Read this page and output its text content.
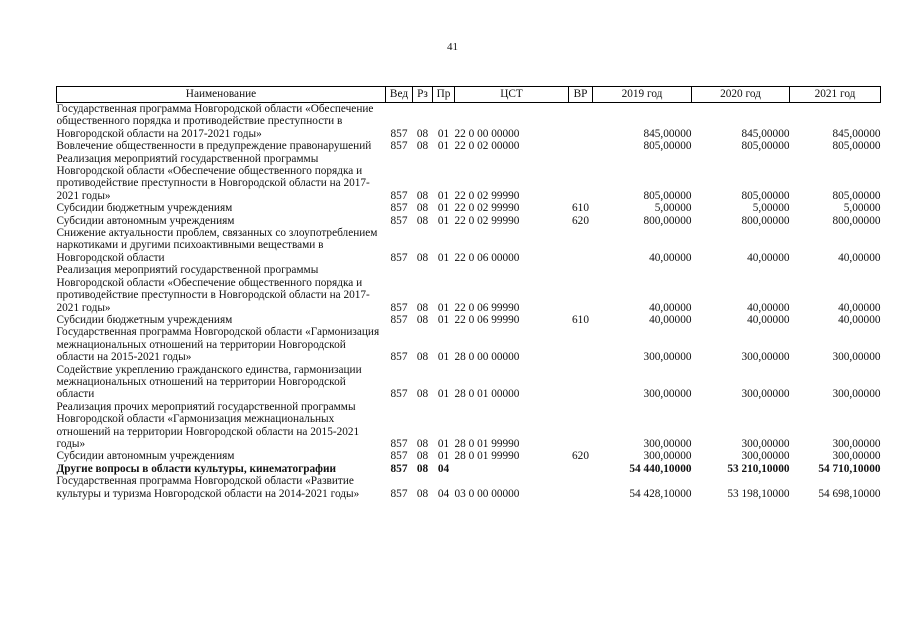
41
Наименование	Вед	Рз	Пр	ЦСТ	ВР	2019 год	2020 год	2021 год
Государственная программа Новгородской области «Обеспечение общественного порядка и противодействие преступности в Новгородской области на 2017-2021 годы»	857	08	01	22 0 00 00000		845,00000	845,00000	845,00000
Вовлечение общественности в предупреждение правонарушений	857	08	01	22 0 02 00000		805,00000	805,00000	805,00000
Реализация мероприятий государственной программы Новгородской области «Обеспечение общественного порядка и противодействие преступности в Новгородской области на 2017-2021 годы»	857	08	01	22 0 02 99990		805,00000	805,00000	805,00000
Субсидии бюджетным учреждениям	857	08	01	22 0 02 99990	610	5,00000	5,00000	5,00000
Субсидии автономным учреждениям	857	08	01	22 0 02 99990	620	800,00000	800,00000	800,00000
Снижение актуальности проблем, связанных со злоупотреблением наркотиками и другими психоактивными веществами в Новгородской области	857	08	01	22 0 06 00000		40,00000	40,00000	40,00000
Реализация мероприятий государственной программы Новгородской области «Обеспечение общественного порядка и противодействие преступности в Новгородской области на 2017-2021 годы»	857	08	01	22 0 06 99990		40,00000	40,00000	40,00000
Субсидии бюджетным учреждениям	857	08	01	22 0 06 99990	610	40,00000	40,00000	40,00000
Государственная программа Новгородской области «Гармонизация межнациональных отношений на территории Новгородской области на 2015-2021 годы»	857	08	01	28 0 00 00000		300,00000	300,00000	300,00000
Содействие укреплению гражданского единства, гармонизации межнациональных отношений на территории Новгородской области	857	08	01	28 0 01 00000		300,00000	300,00000	300,00000
Реализация прочих мероприятий государственной программы Новгородской области «Гармонизация межнациональных отношений на территории Новгородской области на 2015-2021 годы»	857	08	01	28 0 01 99990		300,00000	300,00000	300,00000
Субсидии автономным учреждениям	857	08	01	28 0 01 99990	620	300,00000	300,00000	300,00000
Другие вопросы в области культуры, кинематографии	857	08	04			54 440,10000	53 210,10000	54 710,10000
Государственная программа Новгородской области «Развитие культуры и туризма Новгородской области на 2014-2021 годы»	857	08	04	03 0 00 00000		54 428,10000	53 198,10000	54 698,10000
